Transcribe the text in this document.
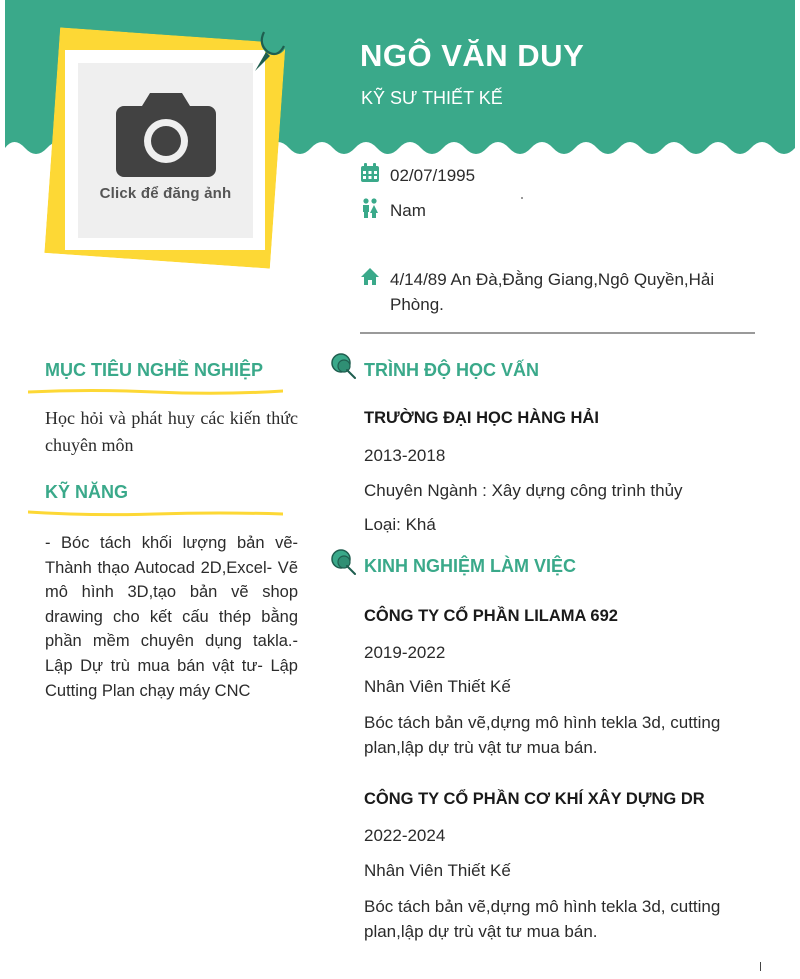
Click để đăng ảnh
NGÔ VĂN DUY
KỸ SƯ THIẾT KẾ
02/07/1995
Nam
4/14/89 An Đà,Đằng Giang,Ngô Quyền,Hải Phòng.
MỤC TIÊU NGHỀ NGHIỆP
Học hỏi và phát huy các kiến thức chuyên môn
KỸ NĂNG
- Bóc tách khối lượng bản vẽ- Thành thạo Autocad 2D,Excel- Vẽ mô hình 3D,tạo bản vẽ shop drawing cho kết cấu thép bằng phần mềm chuyên dụng takla.- Lập Dự trù mua bán vật tư- Lập Cutting Plan chạy máy CNC
TRÌNH ĐỘ HỌC VẤN
TRƯỜNG ĐẠI HỌC HÀNG HẢI
2013-2018
Chuyên Ngành : Xây dựng công trình thủy
Loại: Khá
KINH NGHIỆM LÀM VIỆC
CÔNG TY CỔ PHẦN LILAMA 692
2019-2022
Nhân Viên Thiết Kế
Bóc tách bản vẽ,dựng mô hình tekla 3d, cutting plan,lập dự trù vật tư mua bán.
CÔNG TY CỔ PHẦN CƠ KHÍ XÂY DỰNG DR
2022-2024
Nhân Viên Thiết Kế
Bóc tách bản vẽ,dựng mô hình tekla 3d, cutting plan,lập dự trù vật tư mua bán.
